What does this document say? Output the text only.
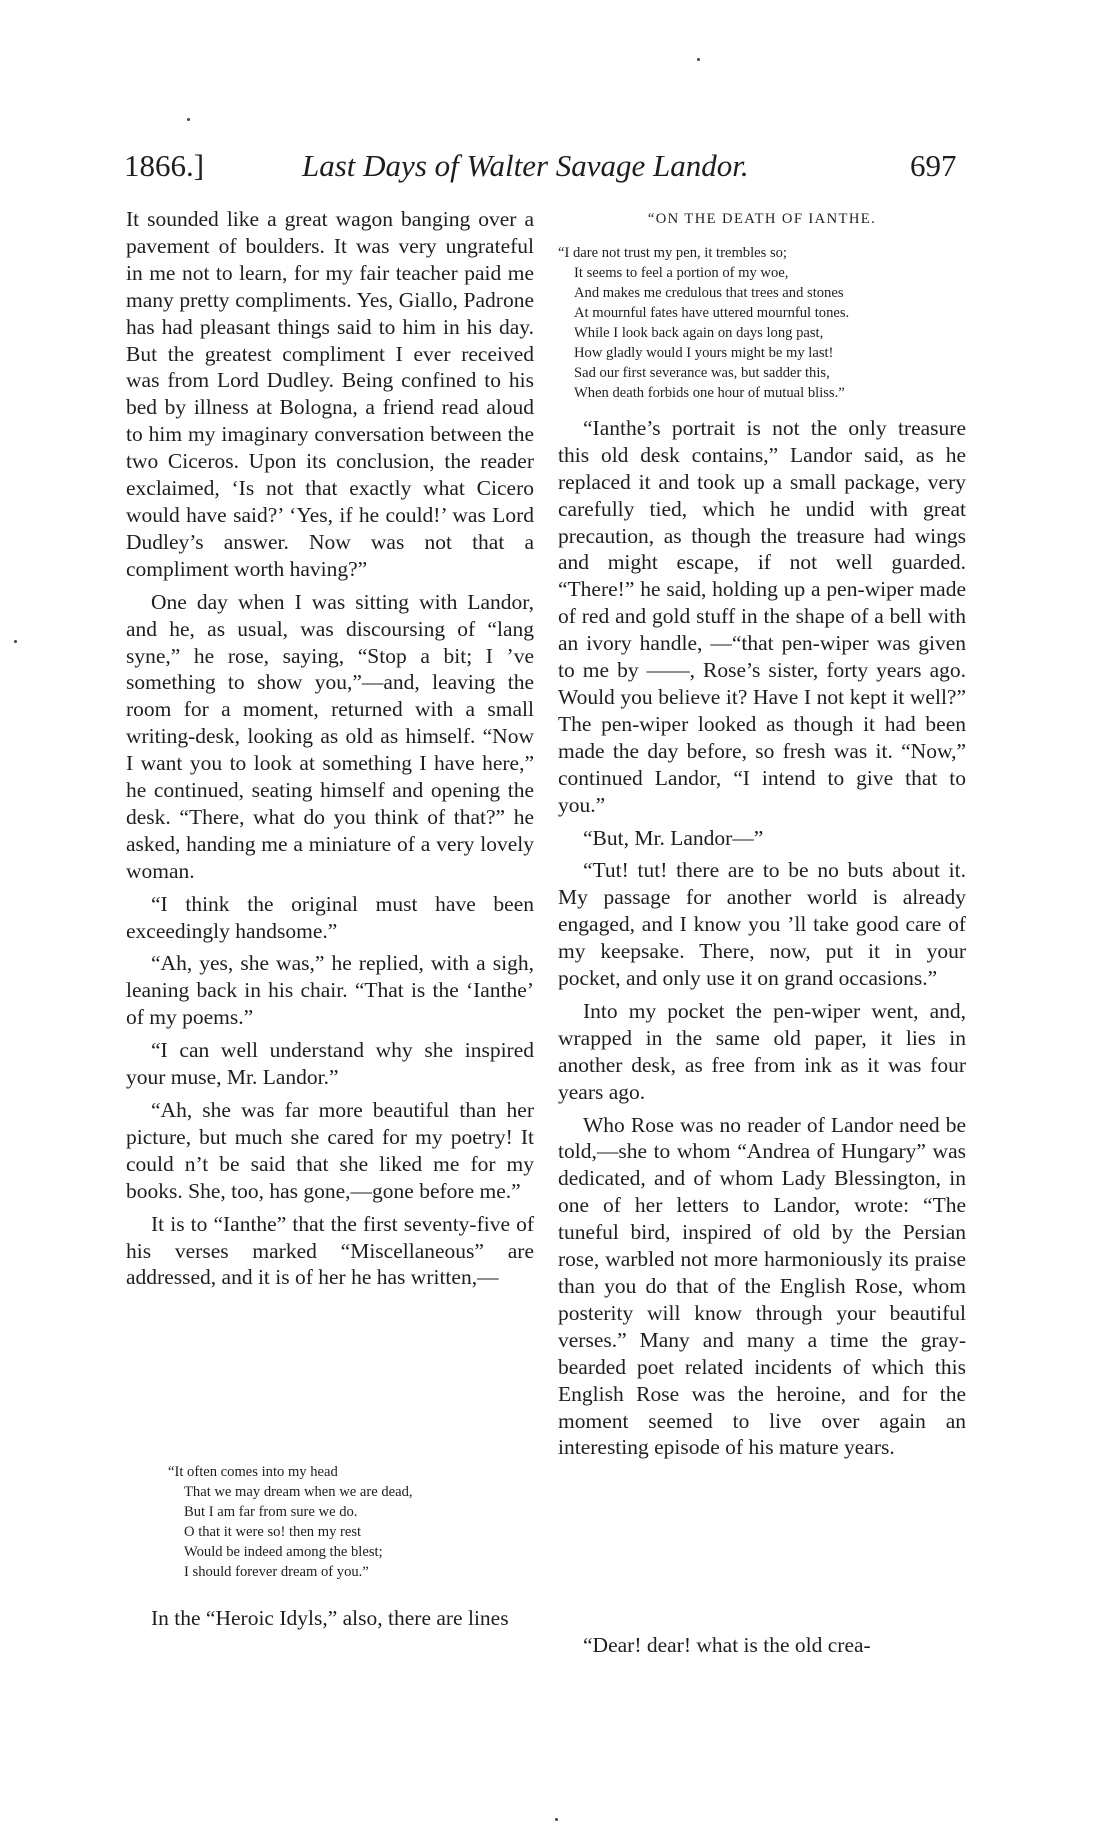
1866.]	Last Days of Walter Savage Landor.	697

It sounded like a great wagon banging over a pavement of boulders. It was very ungrateful in me not to learn, for my fair teacher paid me many pretty compliments. Yes, Giallo, Padrone has had pleasant things said to him in his day. But the greatest compliment I ever received was from Lord Dudley. Being confined to his bed by illness at Bologna, a friend read aloud to him my imaginary conversation between the two Ciceros. Upon its conclusion, the reader exclaimed, ‘Is not that exactly what Cicero would have said?’ ‘Yes, if he could!’ was Lord Dudley’s answer. Now was not that a compliment worth having?”

One day when I was sitting with Landor, and he, as usual, was discoursing of “lang syne,” he rose, saying, “Stop a bit; I ’ve something to show you,”—and, leaving the room for a moment, returned with a small writing-desk, looking as old as himself. “Now I want you to look at something I have here,” he continued, seating himself and opening the desk. “There, what do you think of that?” he asked, handing me a miniature of a very lovely woman.

“I think the original must have been exceedingly handsome.”

“Ah, yes, she was,” he replied, with a sigh, leaning back in his chair. “That is the ‘Ianthe’ of my poems.”

“I can well understand why she inspired your muse, Mr. Landor.”

“Ah, she was far more beautiful than her picture, but much she cared for my poetry! It could n’t be said that she liked me for my books. She, too, has gone,—gone before me.”

It is to “Ianthe” that the first seventy-five of his verses marked “Miscellaneous” are addressed, and it is of her he has written,—

“It often comes into my head
That we may dream when we are dead,
But I am far from sure we do.
O that it were so! then my rest
Would be indeed among the blest;
I should forever dream of you.”

In the “Heroic Idyls,” also, there are lines

“ON THE DEATH OF IANTHE.
“I dare not trust my pen, it trembles so;
It seems to feel a portion of my woe,
And makes me credulous that trees and stones
At mournful fates have uttered mournful tones.
While I look back again on days long past,
How gladly would I yours might be my last!
Sad our first severance was, but sadder this,
When death forbids one hour of mutual bliss.”

“Ianthe’s portrait is not the only treasure this old desk contains,” Landor said, as he replaced it and took up a small package, very carefully tied, which he undid with great precaution, as though the treasure had wings and might escape, if not well guarded. “There!” he said, holding up a pen-wiper made of red and gold stuff in the shape of a bell with an ivory handle, —“that pen-wiper was given to me by ——, Rose’s sister, forty years ago. Would you believe it? Have I not kept it well?” The pen-wiper looked as though it had been made the day before, so fresh was it. “Now,” continued Landor, “I intend to give that to you.”

“But, Mr. Landor—”

“Tut! tut! there are to be no buts about it. My passage for another world is already engaged, and I know you ’ll take good care of my keepsake. There, now, put it in your pocket, and only use it on grand occasions.”

Into my pocket the pen-wiper went, and, wrapped in the same old paper, it lies in another desk, as free from ink as it was four years ago.

Who Rose was no reader of Landor need be told,—she to whom “Andrea of Hungary” was dedicated, and of whom Lady Blessington, in one of her letters to Landor, wrote: “The tuneful bird, inspired of old by the Persian rose, warbled not more harmoniously its praise than you do that of the English Rose, whom posterity will know through your beautiful verses.” Many and many a time the gray-bearded poet related incidents of which this English Rose was the heroine, and for the moment seemed to live over again an interesting episode of his mature years.

“Dear! dear! what is the old crea-
